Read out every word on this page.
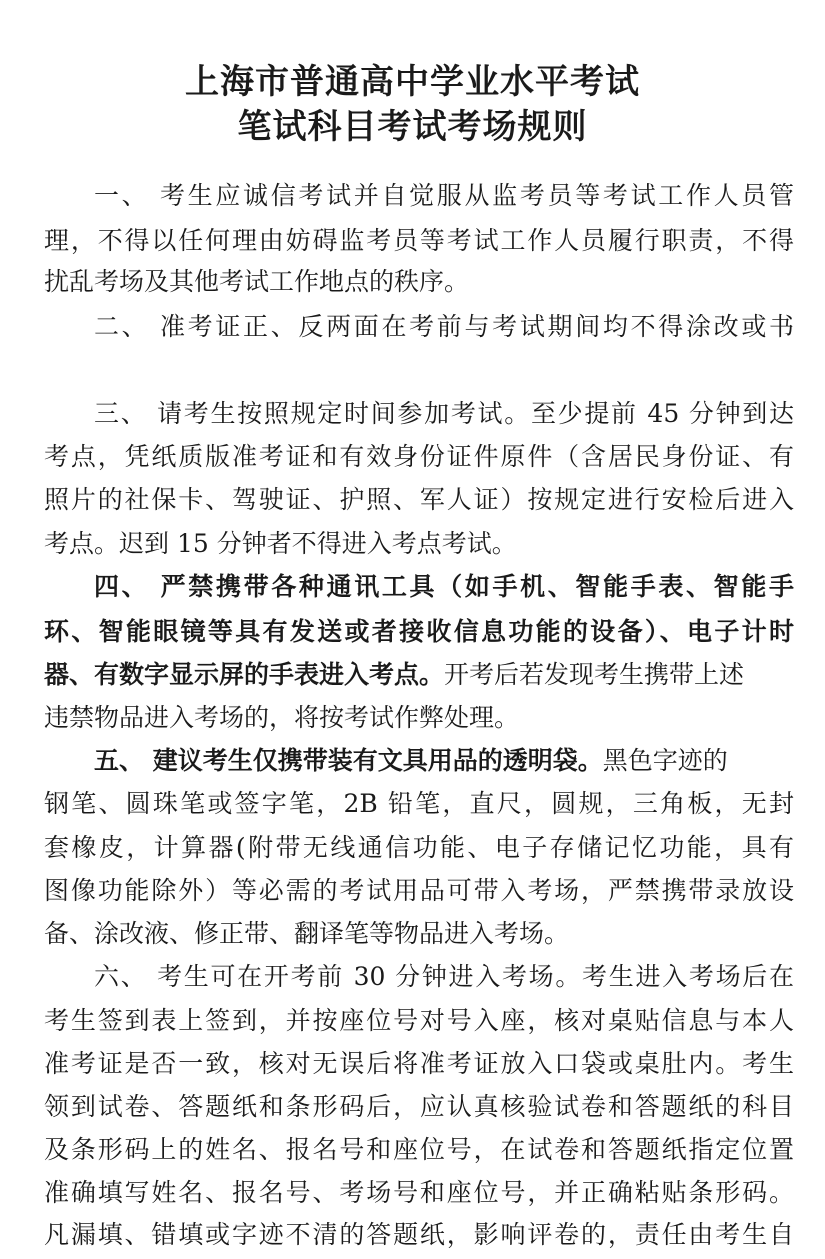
上海市普通高中学业水平考试
笔试科目考试考场规则
一、 考生应诚信考试并自觉服从监考员等考试工作人员管
理，不得以任何理由妨碍监考员等考试工作人员履行职责，不得
扰乱考场及其他考试工作地点的秩序。
二、 准考证正、反两面在考前与考试期间均不得涂改或书
三、 请考生按照规定时间参加考试。至少提前 45 分钟到达
考点，凭纸质版准考证和有效身份证件原件（含居民身份证、有
照片的社保卡、驾驶证、护照、军人证）按规定进行安检后进入
考点。迟到 15 分钟者不得进入考点考试。
四、 严禁携带各种通讯工具（如手机、智能手表、智能手
环、智能眼镜等具有发送或者接收信息功能的设备）、电子计时
器、有数字显示屏的手表进入考点。开考后若发现考生携带上述
违禁物品进入考场的，将按考试作弊处理。
五、 建议考生仅携带装有文具用品的透明袋。黑色字迹的
钢笔、圆珠笔或签字笔，2B 铅笔，直尺，圆规，三角板，无封
套橡皮，计算器(附带无线通信功能、电子存储记忆功能，具有
图像功能除外）等必需的考试用品可带入考场，严禁携带录放设
备、涂改液、修正带、翻译笔等物品进入考场。
六、 考生可在开考前 30 分钟进入考场。考生进入考场后在
考生签到表上签到，并按座位号对号入座，核对桌贴信息与本人
准考证是否一致，核对无误后将准考证放入口袋或桌肚内。考生
领到试卷、答题纸和条形码后，应认真核验试卷和答题纸的科目
及条形码上的姓名、报名号和座位号，在试卷和答题纸指定位置
准确填写姓名、报名号、考场号和座位号，并正确粘贴条形码。
凡漏填、错填或字迹不清的答题纸，影响评卷的，责任由考生自
